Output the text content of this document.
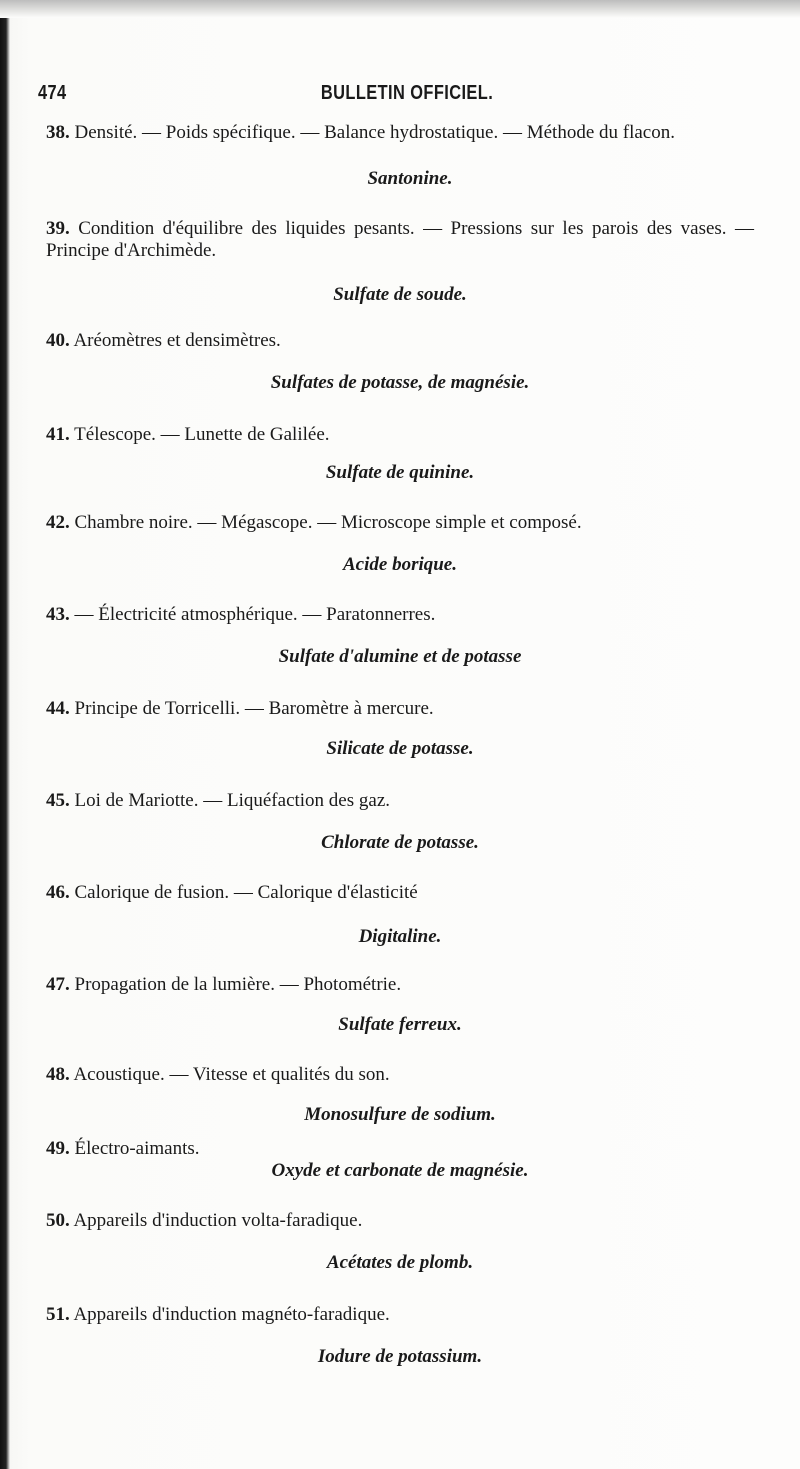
474	BULLETIN OFFICIEL.
38. Densité. — Poids spécifique. — Balance hydrostatique. — Méthode du flacon.
Santonine.
39. Condition d'équilibre des liquides pesants. — Pressions sur les parois des vases. — Principe d'Archimède.
Sulfate de soude.
40. Aréomètres et densimètres.
Sulfates de potasse, de magnésie.
41. Télescope. — Lunette de Galilée.
Sulfate de quinine.
42. Chambre noire. — Mégascope. — Microscope simple et composé.
Acide borique.
43. — Électricité atmosphérique. — Paratonnerres.
Sulfate d'alumine et de potasse
44. Principe de Torricelli. — Baromètre à mercure.
Silicate de potasse.
45. Loi de Mariotte. — Liquéfaction des gaz.
Chlorate de potasse.
46. Calorique de fusion. — Calorique d'élasticité
Digitaline.
47. Propagation de la lumière. — Photométrie.
Sulfate ferreux.
48. Acoustique. — Vitesse et qualités du son.
Monosulfure de sodium.
49. Électro-aimants.
Oxyde et carbonate de magnésie.
50. Appareils d'induction volta-faradique.
Acétates de plomb.
51. Appareils d'induction magnéto-faradique.
Iodure de potassium.
